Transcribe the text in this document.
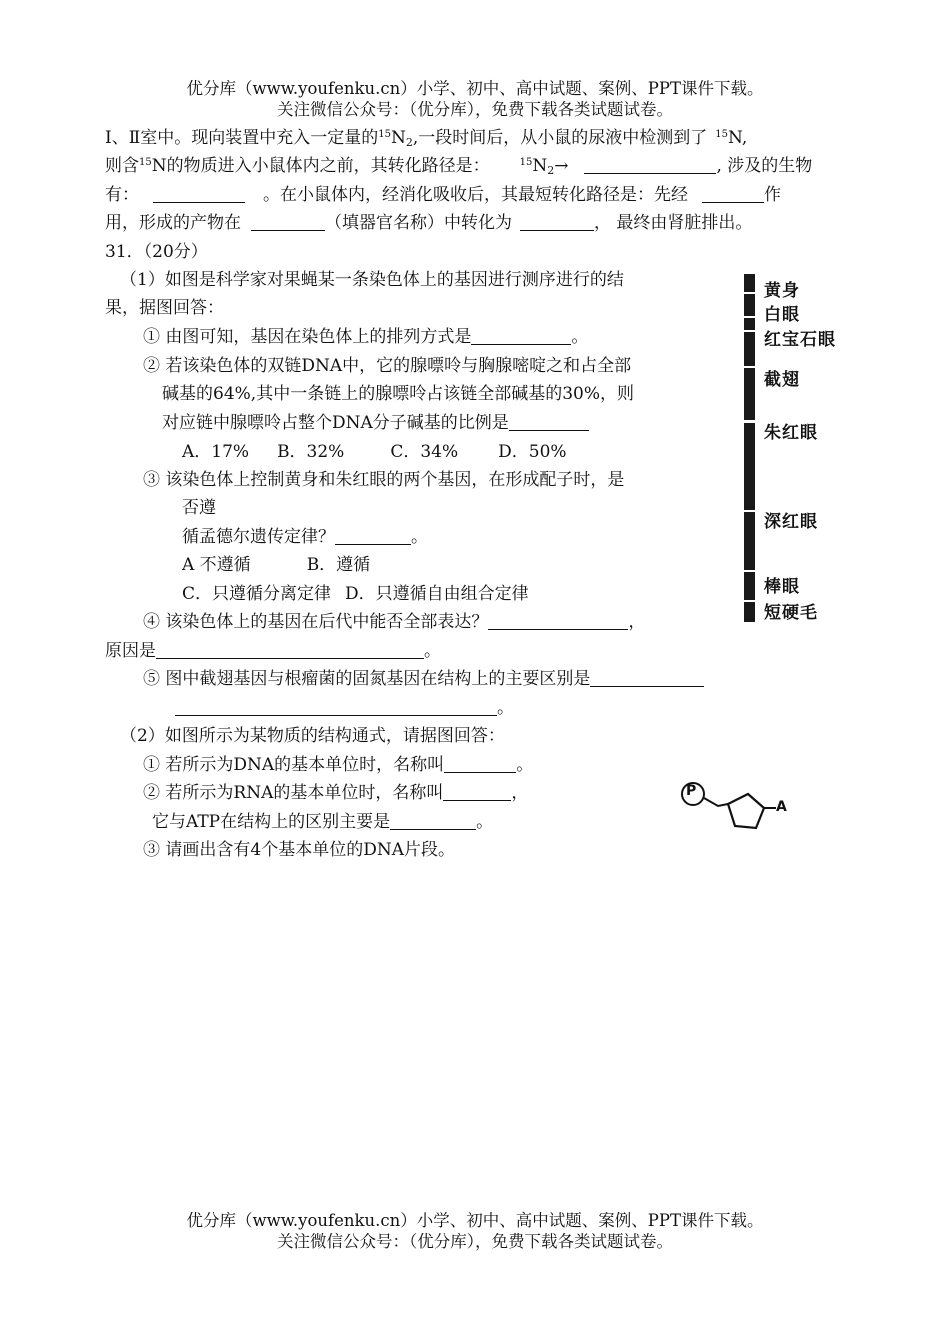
优分库（www.youfenku.cn）小学、初中、高中试题、案例、PPT课件下载。
关注微信公众号：（优分库），免费下载各类试题试卷。
Ⅰ、Ⅱ室中。现向装置中充入一定量的$^{15}N_2$,一段时间后，从小鼠的尿液中检测到了 $^{15}$N,
则含$^{15}$N的物质进入小鼠体内之前，其转化路径是：	$^{15}N_2\to$	, 涉及的生物
有：	。在小鼠体内，经消化吸收后，其最短转化路径是：先经	作
用，形成的产物在	（填器官名称）中转化为	， 最终由肾脏排出。
31．（20分）
（1）如图是科学家对果蝇某一条染色体上的基因进行测序进行的结
果，据图回答：
① 由图可知，基因在染色体上的排列方式是	。
② 若该染色体的双链DNA中，它的腺嘌呤与胸腺嘧啶之和占全部
碱基的64%,其中一条链上的腺嘌呤占该链全部碱基的30%，则
对应链中腺嘌呤占整个DNA分子碱基的比例是
A．17% B．32%	C．34% D．50%
③ 该染色体上控制黄身和朱红眼的两个基因，在形成配子时，是
否遵
循孟德尔遗传定律？	。
A 不遵循	B．遵循
C．只遵循分离定律 D．只遵循自由组合定律
④ 该染色体上的基因在后代中能否全部表达？	，
原因是	。
⑤ 图中截翅基因与根瘤菌的固氮基因在结构上的主要区别是
。
（2）如图所示为某物质的结构通式，请据图回答：
① 若所示为DNA的基本单位时，名称叫	。
② 若所示为RNA的基本单位时，名称叫	，
它与ATP在结构上的区别主要是	。
③ 请画出含有4个基本单位的DNA片段。
黄身
白眼
红宝石眼
截翅
朱红眼
深红眼
棒眼
短硬毛
P
A
优分库（www.youfenku.cn）小学、初中、高中试题、案例、PPT课件下载。
关注微信公众号：（优分库），免费下载各类试题试卷。
